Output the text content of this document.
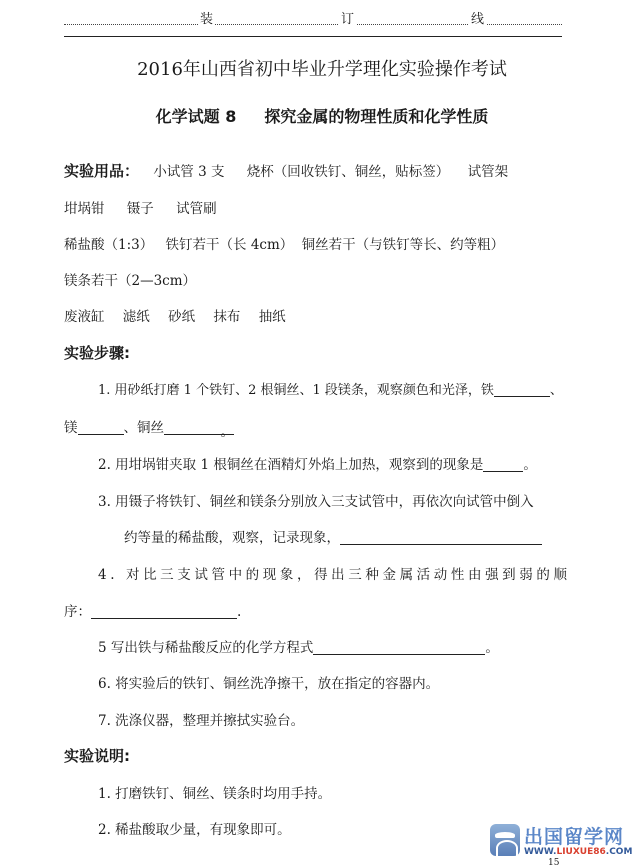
装	订	线
2016年山西省初中毕业升学理化实验操作考试
化学试题 8 探究金属的物理性质和化学性质
实验用品： 小试管 3 支 烧杯（回收铁钉、铜丝，贴标签） 试管架
坩埚钳 镊子 试管刷
稀盐酸（1:3） 铁钉若干（长 4cm） 铜丝若干（与铁钉等长、约等粗）
镁条若干（2—3cm）
废液缸 滤纸 砂纸 抹布 抽纸
实验步骤:
1. 用砂纸打磨 1 个铁钉、2 根铜丝、1 段镁条，观察颜色和光泽，铁	、
镁	、铜丝	。
2. 用坩埚钳夹取 1 根铜丝在酒精灯外焰上加热，观察到的现象是	。
3. 用镊子将铁钉、铜丝和镁条分别放入三支试管中，再依次向试管中倒入
约等量的稀盐酸，观察，记录现象，
4. 对比三支试管中的现象，得出三种金属活动性由强到弱的顺
序：	.
5 写出铁与稀盐酸反应的化学方程式	。
6. 将实验后的铁钉、铜丝洗净擦干，放在指定的容器内。
7. 洗涤仪器，整理并擦拭实验台。
实验说明:
1. 打磨铁钉、铜丝、镁条时均用手持。
2. 稀盐酸取少量，有现象即可。	出国留学网
WWW.LIUXUE86.COM
15
